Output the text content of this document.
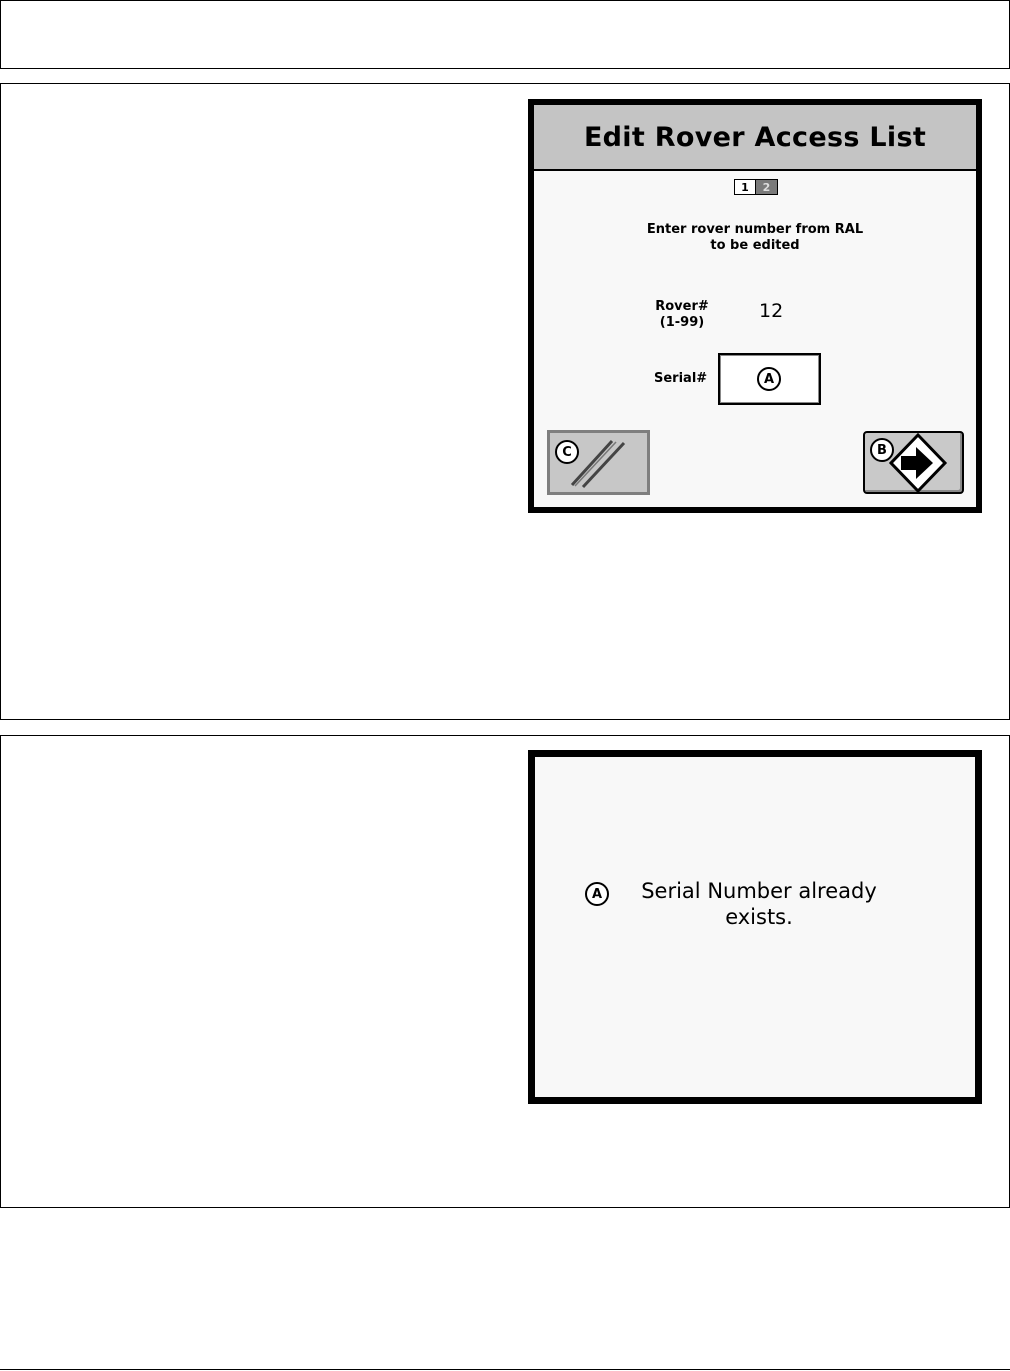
Edit Rover Access List
1	2
Enter rover number from RAL
to be edited
Rover#
(1-99)
12
Serial#	A
C	B
A	Serial Number already
exists.
